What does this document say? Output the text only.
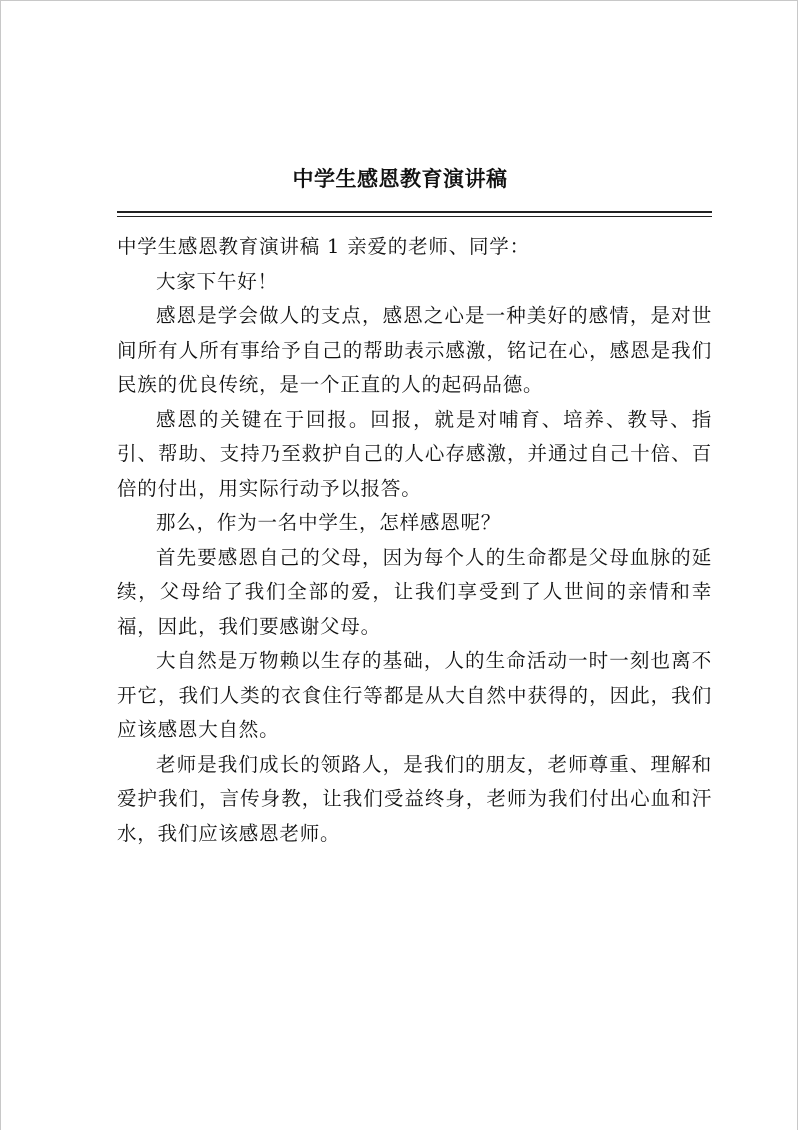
中学生感恩教育演讲稿

中学生感恩教育演讲稿 1 亲爱的老师、同学：

大家下午好！

感恩是学会做人的支点，感恩之心是一种美好的感情，是对世间所有人所有事给予自己的帮助表示感激，铭记在心，感恩是我们民族的优良传统，是一个正直的人的起码品德。

感恩的关键在于回报。回报，就是对哺育、培养、教导、指引、帮助、支持乃至救护自己的人心存感激，并通过自己十倍、百倍的付出，用实际行动予以报答。

那么，作为一名中学生，怎样感恩呢？

首先要感恩自己的父母，因为每个人的生命都是父母血脉的延续，父母给了我们全部的爱，让我们享受到了人世间的亲情和幸福，因此，我们要感谢父母。

大自然是万物赖以生存的基础，人的生命活动一时一刻也离不开它，我们人类的衣食住行等都是从大自然中获得的，因此，我们应该感恩大自然。

老师是我们成长的领路人，是我们的朋友，老师尊重、理解和爱护我们，言传身教，让我们受益终身，老师为我们付出心血和汗水，我们应该感恩老师。
